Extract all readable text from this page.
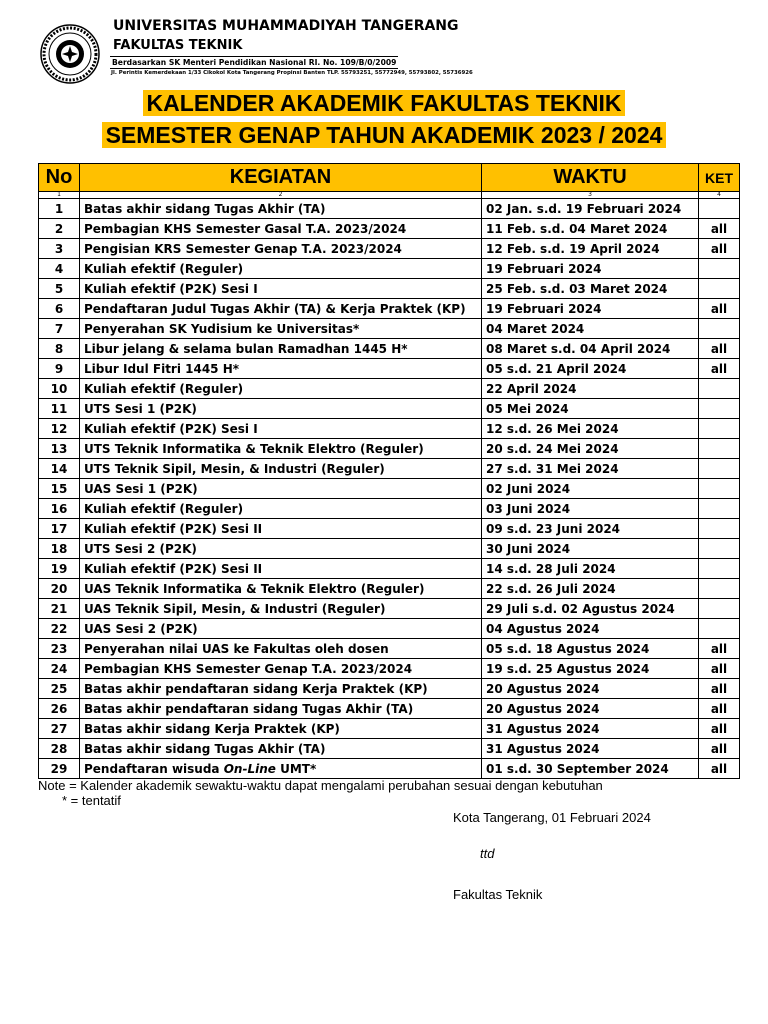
UNIVERSITAS MUHAMMADIYAH TANGERANG
FAKULTAS TEKNIK
Berdasarkan SK Menteri Pendidikan Nasional RI. No. 109/B/0/2009
Jl. Perintis Kemerdekaan 1/33 Cikokol Kota Tangerang Propinsi Banten TLP. 55793251, 55772949, 55793802, 55736926
KALENDER AKADEMIK FAKULTAS TEKNIK
SEMESTER GENAP TAHUN AKADEMIK 2023 / 2024
No	KEGIATAN	WAKTU	KET
1	2	3	4
1	Batas akhir sidang Tugas Akhir (TA)	02 Jan. s.d. 19 Februari 2024	
2	Pembagian KHS Semester Gasal T.A. 2023/2024	11 Feb. s.d. 04 Maret 2024	all
3	Pengisian KRS Semester Genap T.A. 2023/2024	12 Feb. s.d. 19 April 2024	all
4	Kuliah efektif (Reguler)	19 Februari 2024	
5	Kuliah efektif (P2K) Sesi I	25 Feb. s.d. 03 Maret 2024	
6	Pendaftaran Judul Tugas Akhir (TA) & Kerja Praktek (KP)	19 Februari 2024	all
7	Penyerahan SK Yudisium ke Universitas*	04 Maret 2024	
8	Libur jelang & selama bulan Ramadhan 1445 H*	08 Maret s.d. 04 April 2024	all
9	Libur Idul Fitri 1445 H*	05 s.d. 21 April 2024	all
10	Kuliah efektif (Reguler)	22 April 2024	
11	UTS Sesi 1 (P2K)	05 Mei 2024	
12	Kuliah efektif (P2K) Sesi I	12 s.d. 26 Mei 2024	
13	UTS Teknik Informatika & Teknik Elektro (Reguler)	20 s.d. 24 Mei 2024	
14	UTS Teknik Sipil, Mesin, & Industri (Reguler)	27 s.d. 31 Mei 2024	
15	UAS Sesi 1 (P2K)	02 Juni 2024	
16	Kuliah efektif (Reguler)	03 Juni 2024	
17	Kuliah efektif (P2K) Sesi II	09 s.d. 23 Juni 2024	
18	UTS Sesi 2 (P2K)	30 Juni 2024	
19	Kuliah efektif (P2K) Sesi II	14 s.d. 28 Juli 2024	
20	UAS Teknik Informatika & Teknik Elektro (Reguler)	22 s.d. 26 Juli 2024	
21	UAS Teknik Sipil, Mesin, & Industri (Reguler)	29 Juli s.d. 02 Agustus 2024	
22	UAS Sesi 2 (P2K)	04 Agustus 2024	
23	Penyerahan nilai UAS ke Fakultas oleh dosen	05 s.d. 18 Agustus 2024	all
24	Pembagian KHS Semester Genap T.A. 2023/2024	19 s.d. 25 Agustus 2024	all
25	Batas akhir pendaftaran sidang Kerja Praktek (KP)	20 Agustus 2024	all
26	Batas akhir pendaftaran sidang Tugas Akhir (TA)	20 Agustus 2024	all
27	Batas akhir sidang Kerja Praktek (KP)	31 Agustus 2024	all
28	Batas akhir sidang Tugas Akhir (TA)	31 Agustus 2024	all
29	Pendaftaran wisuda On-Line UMT*	01 s.d. 30 September 2024	all
Note = Kalender akademik sewaktu-waktu dapat mengalami perubahan sesuai dengan kebutuhan
* = tentatif
Kota Tangerang, 01 Februari 2024
ttd
Fakultas Teknik
